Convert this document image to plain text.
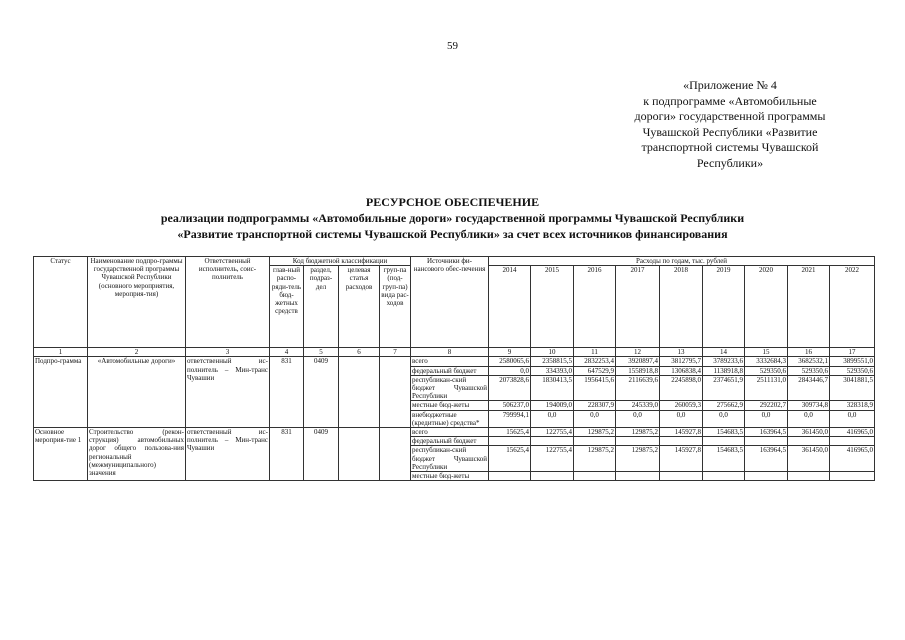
59
«Приложение № 4
к подпрограмме «Автомобильные
дороги» государственной программы
Чувашской Республики «Развитие
транспортной системы Чувашской
Республики»
РЕСУРСНОЕ ОБЕСПЕЧЕНИЕ
реализации подпрограммы «Автомобильные дороги» государственной программы Чувашской Республики
«Развитие транспортной системы Чувашской Республики» за счет всех источников финансирования
Статус	Наименование подпро-граммы государственной программы Чувашской Республики (основного мероприятия, мероприя-тия)	Ответственный исполнитель, соис-полнитель	Код бюджетной классификации				Источники фи-нансового обес-печения	Расходы по годам, тыс. рублей								
			глав-ный распо-ряди-тель бюд-жетных средств	раздел, подраз-дел	целевая статья расходов	груп-па (под-груп-па) вида рас-ходов		2014	2015	2016	2017	2018	2019	2020	2021	2022
1	2	3	4	5	6	7	8	9	10	11	12	13	14	15	16	17
Подпро-грамма	«Автомобильные дороги»	ответственный ис-полнитель – Мин-транс Чувашии	831	0409			всего	2580065,6	2358815,5	2832253,4	3920897,4	3812795,7	3789233,6	3332684,3	3682532,1	3899551,0
							федеральный бюджет	0,0	334393,0	647529,9	1558918,8	1306838,4	1138918,8	529350,6	529350,6	529350,6
							республикан-ский бюджет Чувашской Республики	2073828,6	1830413,5	1956415,6	2116639,6	2245898,0	2374651,9	2511131,0	2843446,7	3041881,5
							местные бюд-жеты	506237,0	194009,0	228307,9	245339,0	260059,3	275662,9	292202,7	309734,8	328318,9
							внебюджетные (кредитные) средства*	799994,1	0,0	0,0	0,0	0,0	0,0	0,0	0,0	0,0
Основное мероприя-тие 1	Строительство (рекон-струкция) автомобильных дорог общего пользова-ния региональный (межмуниципального) значения	ответственный ис-полнитель – Мин-транс Чувашии	831	0409			всего	15625,4	122755,4	129875,2	129875,2	145927,8	154683,5	163964,5	361450,0	416965,0
							федеральный бюджет									
							республикан-ский бюджет Чувашской Республики	15625,4	122755,4	129875,2	129875,2	145927,8	154683,5	163964,5	361450,0	416965,0
							местные бюд-жеты									
